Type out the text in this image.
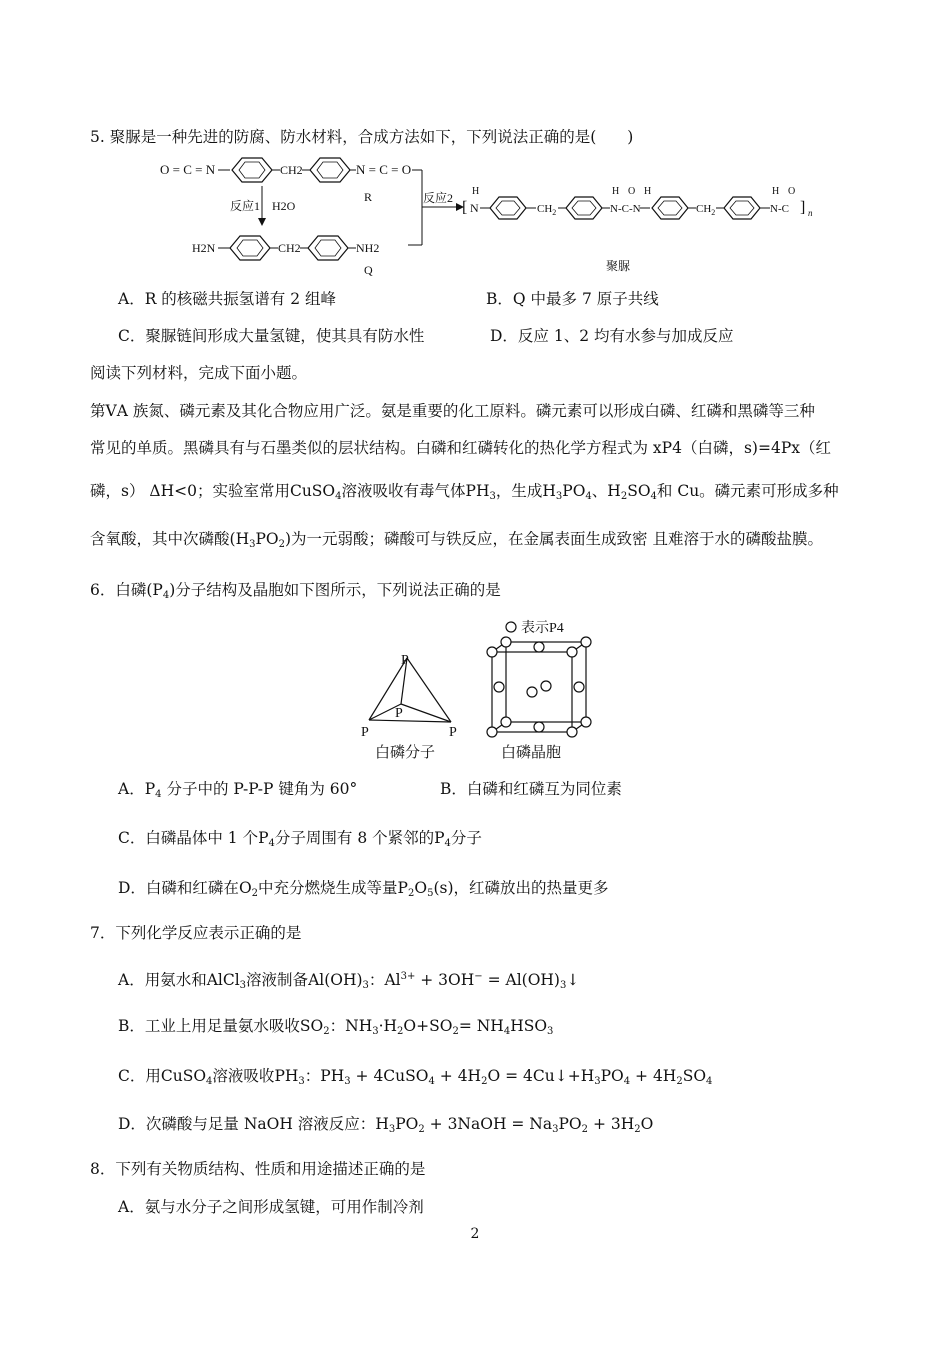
5. 聚脲是一种先进的防腐、防水材料，合成方法如下，下列说法正确的是(　　)
O = C = N	CH2	N = C = O
R
反应1 H2O
H2N	CH2	NH2
Q
反应2
[
H
N	$CH_2$	N-C-N
H O H
$CH_2$	N-C
H O
] n
聚脲
A．R 的核磁共振氢谱有 2 组峰	B．Q 中最多 7 原子共线
C．聚脲链间形成大量氢键，使其具有防水性	D．反应 1、2 均有水参与加成反应
阅读下列材料，完成下面小题。
第ⅤA 族氮、磷元素及其化合物应用广泛。氨是重要的化工原料。磷元素可以形成白磷、红磷和黑磷等三种
常见的单质。黑磷具有与石墨类似的层状结构。白磷和红磷转化的热化学方程式为 xP4（白磷，s)=4Px（红
磷，s） ΔH<0；实验室常用CuSO$_4$溶液吸收有毒气体$PH_3$，生成$H_3PO_4$、$H_2SO_4$和 Cu。磷元素可形成多种
含氧酸，其中次磷酸$(H_3PO_2)$为一元弱酸；磷酸可与铁反应，在金属表面生成致密 且难溶于水的磷酸盐膜。
6．白磷$(P_4)$分子结构及晶胞如下图所示，下列说法正确的是
P
P
P
P
白磷分子
表示P4
白磷晶胞
A．$P_4$ 分子中的 P-P-P 键角为 60°	B．白磷和红磷互为同位素
C．白磷晶体中 1 个$P_4$分子周围有 8 个紧邻的$P_4$分子
D．白磷和红磷在$O_2$中充分燃烧生成等量$P_2O_5(s)$，红磷放出的热量更多
7．下列化学反应表示正确的是
A．用氨水和AlCl$_3$溶液制备$Al(OH)_3$：$Al^{3+} + 3OH^-$ = $Al(OH)_3↓$
B．工业上用足量氨水吸收$SO_2$：$NH_3\cdot H_2O+SO_2= NH_4HSO_3$
C．用CuSO$_4$溶液吸收$PH_3$：$PH_3$ + 4CuSO$_4$ + $4H_2O$ = $4Cu↓+H_3PO_4 + 4H_2SO_4$
D．次磷酸与足量 NaOH 溶液反应：$H_3PO_2$ + 3NaOH = $Na_3PO_2 + 3H_2O$
8．下列有关物质结构、性质和用途描述正确的是
A．氨与水分子之间形成氢键，可用作制冷剂
2
